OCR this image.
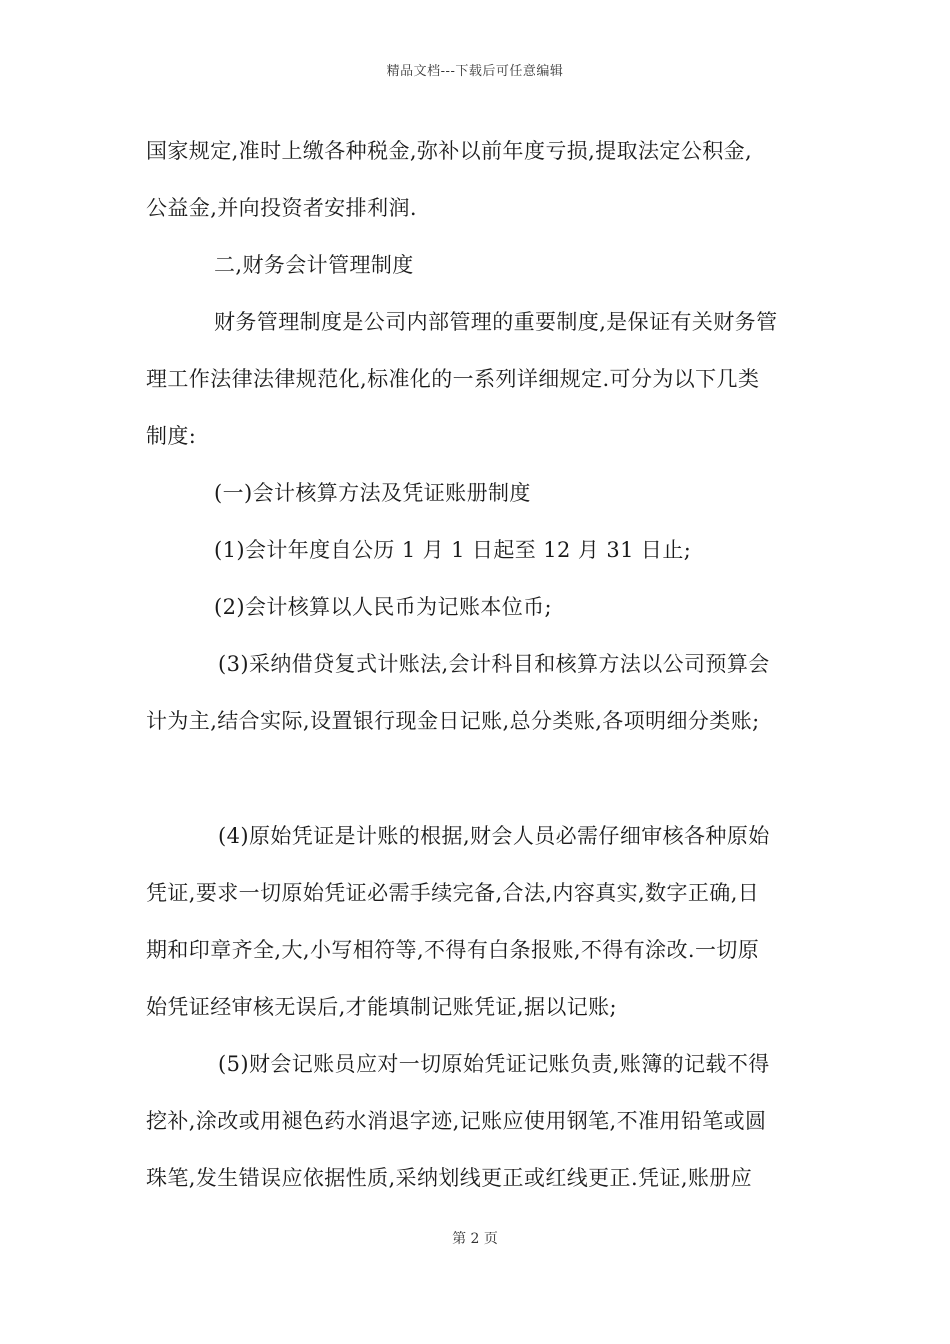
精品文档---下载后可任意编辑
国家规定,准时上缴各种税金,弥补以前年度亏损,提取法定公积金,
公益金,并向投资者安排利润.
二,财务会计管理制度
财务管理制度是公司内部管理的重要制度,是保证有关财务管
理工作法律法律规范化,标准化的一系列详细规定.可分为以下几类
制度:
(一)会计核算方法及凭证账册制度
(1)会计年度自公历 1 月 1 日起至 12 月 31 日止;
(2)会计核算以人民币为记账本位币;
(3)采纳借贷复式计账法,会计科目和核算方法以公司预算会
计为主,结合实际,设置银行现金日记账,总分类账,各项明细分类账;
(4)原始凭证是计账的根据,财会人员必需仔细审核各种原始
凭证,要求一切原始凭证必需手续完备,合法,内容真实,数字正确,日
期和印章齐全,大,小写相符等,不得有白条报账,不得有涂改.一切原
始凭证经审核无误后,才能填制记账凭证,据以记账;
(5)财会记账员应对一切原始凭证记账负责,账簿的记载不得
挖补,涂改或用褪色药水消退字迹,记账应使用钢笔,不准用铅笔或圆
珠笔,发生错误应依据性质,采纳划线更正或红线更正.凭证,账册应
第 2 页
